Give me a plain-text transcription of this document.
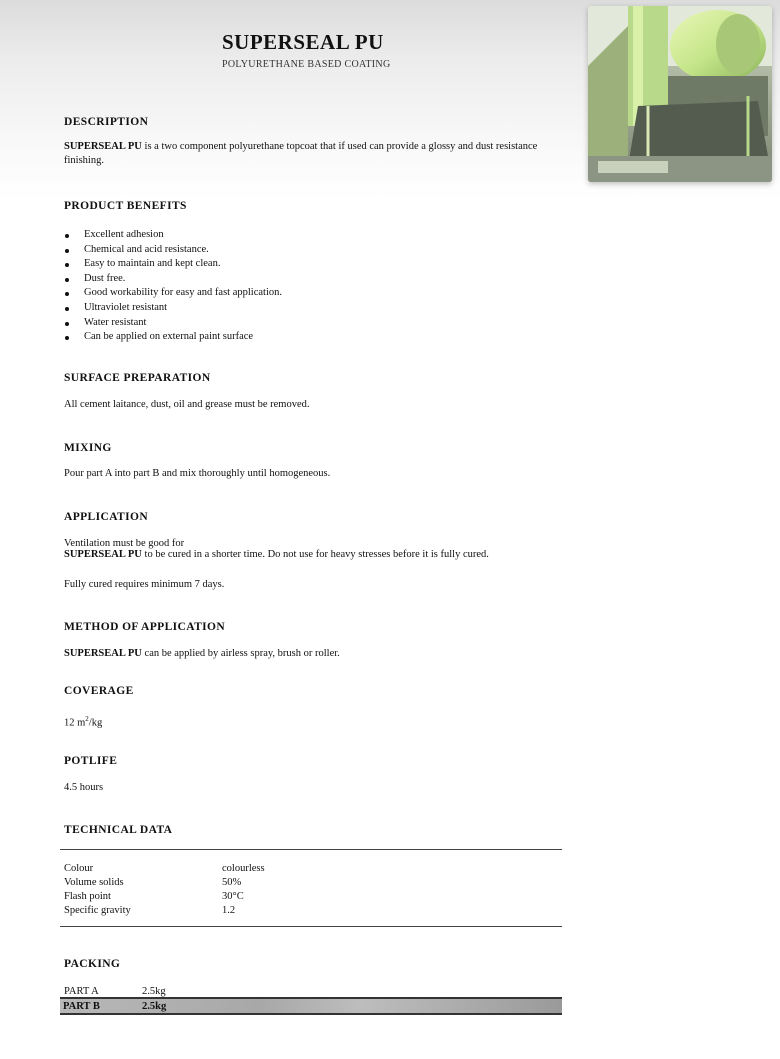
SUPERSEAL PU
POLYURETHANE BASED COATING
DESCRIPTION
SUPERSEAL PU is a two component polyurethane topcoat that if used can provide a glossy and dust resistance finishing.
PRODUCT BENEFITS
Excellent adhesion
Chemical and acid resistance.
Easy to maintain and kept clean.
Dust free.
Good workability for easy and fast application.
Ultraviolet resistant
Water resistant
Can be applied on external paint surface
SURFACE PREPARATION
All cement laitance, dust, oil and grease must be removed.
MIXING
Pour part A into part B and mix thoroughly until homogeneous.
APPLICATION
Ventilation must be good for
SUPERSEAL PU to be cured in a shorter time. Do not use for heavy stresses before it is fully cured.
Fully cured requires minimum 7 days.
METHOD OF APPLICATION
SUPERSEAL PU can be applied by airless spray, brush or roller.
COVERAGE
12 $m^2/kg$
POTLIFE
4.5 hours
TECHNICAL DATA
Colour	colourless
Volume solids	50%
Flash point	30°C
Specific gravity	1.2
PACKING
PART A	2.5kg
PART B	2.5kg
